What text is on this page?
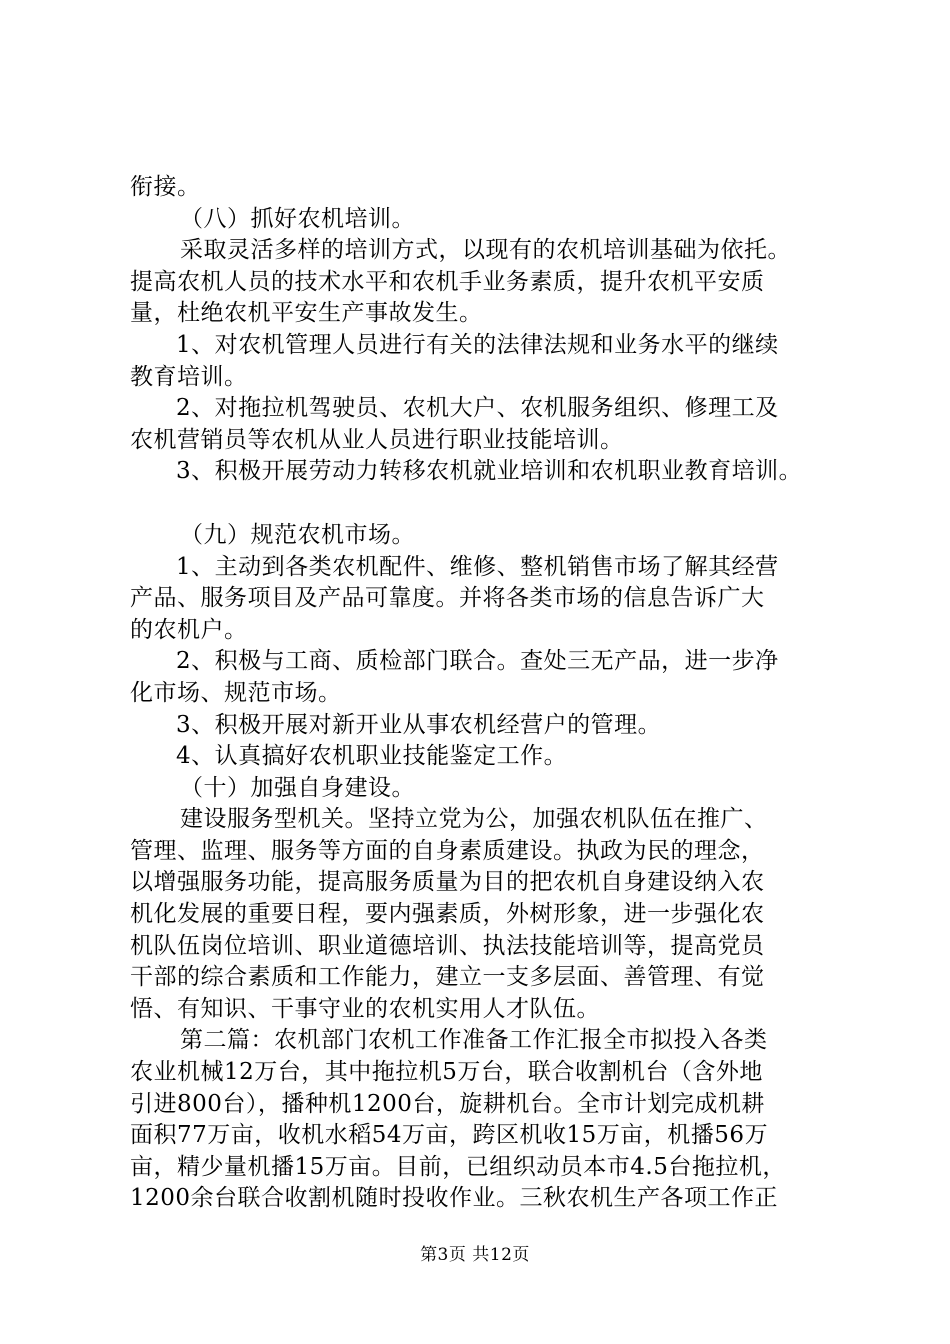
衔接。
（八）抓好农机培训。
采取灵活多样的培训方式，以现有的农机培训基础为依托。
提高农机人员的技术水平和农机手业务素质，提升农机平安质
量，杜绝农机平安生产事故发生。
1、对农机管理人员进行有关的法律法规和业务水平的继续
教育培训。
2、对拖拉机驾驶员、农机大户、农机服务组织、修理工及
农机营销员等农机从业人员进行职业技能培训。
3、积极开展劳动力转移农机就业培训和农机职业教育培训。
（九）规范农机市场。
1、主动到各类农机配件、维修、整机销售市场了解其经营
产品、服务项目及产品可靠度。并将各类市场的信息告诉广大
的农机户。
2、积极与工商、质检部门联合。查处三无产品，进一步净
化市场、规范市场。
3、积极开展对新开业从事农机经营户的管理。
4、认真搞好农机职业技能鉴定工作。
（十）加强自身建设。
建设服务型机关。坚持立党为公，加强农机队伍在推广、
管理、监理、服务等方面的自身素质建设。执政为民的理念，
以增强服务功能，提高服务质量为目的把农机自身建设纳入农
机化发展的重要日程，要内强素质，外树形象，进一步强化农
机队伍岗位培训、职业道德培训、执法技能培训等，提高党员
干部的综合素质和工作能力，建立一支多层面、善管理、有觉
悟、有知识、干事守业的农机实用人才队伍。
第二篇：农机部门农机工作准备工作汇报全市拟投入各类
农业机械12万台，其中拖拉机5万台，联合收割机台（含外地
引进800台），播种机1200台，旋耕机台。全市计划完成机耕
面积77万亩，收机水稻54万亩，跨区机收15万亩，机播56万
亩，精少量机播15万亩。目前，已组织动员本市4.5台拖拉机，
1200余台联合收割机随时投收作业。三秋农机生产各项工作正
第3页 共12页
